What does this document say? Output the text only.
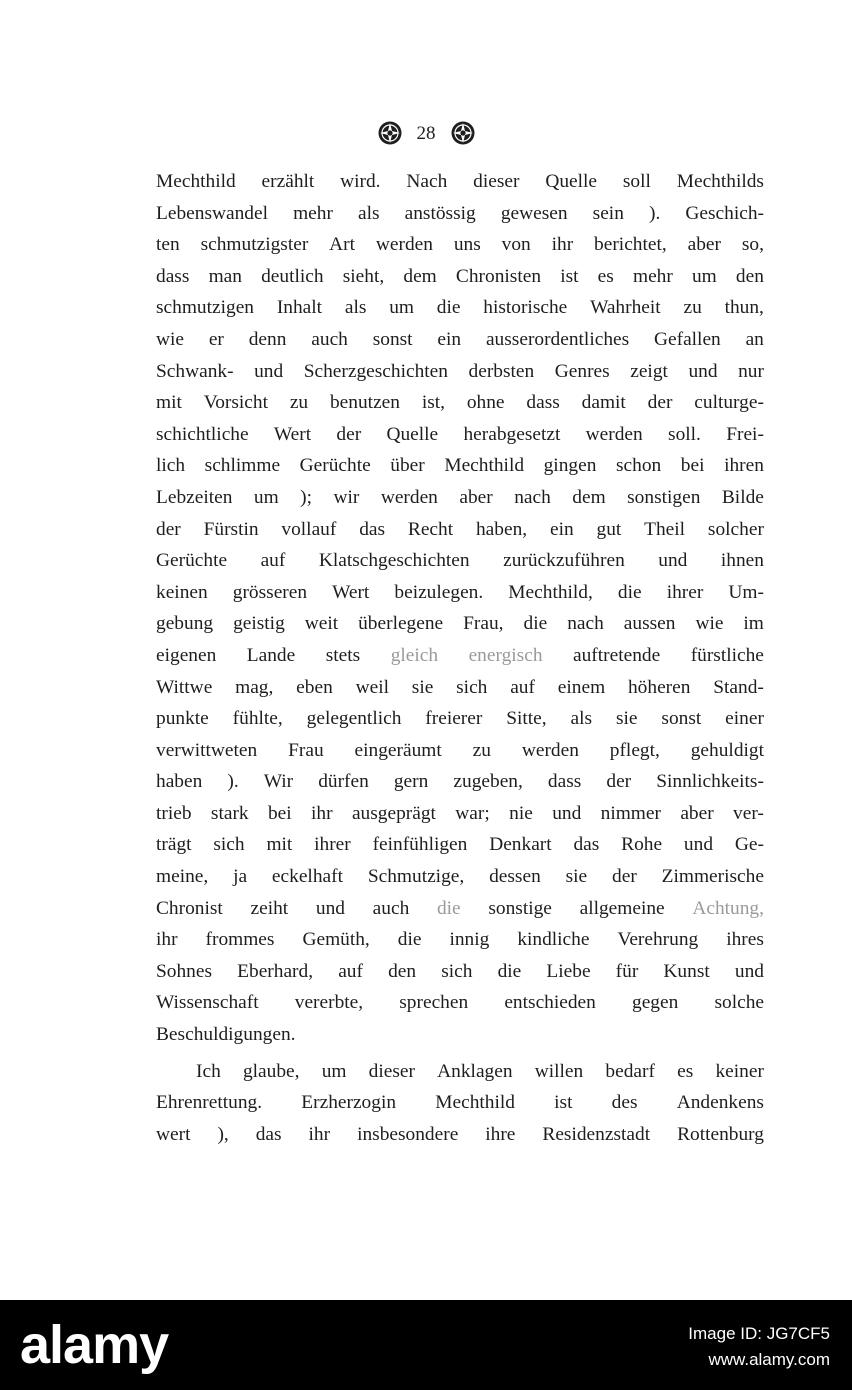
28
Mechthild erzählt wird. Nach dieser Quelle soll Mechthilds
Lebenswandel mehr als anstössig gewesen sein ). Geschich-
ten schmutzigster Art werden uns von ihr berichtet, aber so,
dass man deutlich sieht, dem Chronisten ist es mehr um den
schmutzigen Inhalt als um die historische Wahrheit zu thun,
wie er denn auch sonst ein ausserordentliches Gefallen an
Schwank- und Scherzgeschichten derbsten Genres zeigt und nur
mit Vorsicht zu benutzen ist, ohne dass damit der culturge-
schichtliche Wert der Quelle herabgesetzt werden soll. Frei-
lich schlimme Gerüchte über Mechthild gingen schon bei ihren
Lebzeiten um ); wir werden aber nach dem sonstigen Bilde
der Fürstin vollauf das Recht haben, ein gut Theil solcher
Gerüchte auf Klatschgeschichten zurückzuführen und ihnen
keinen grösseren Wert beizulegen. Mechthild, die ihrer Um-
gebung geistig weit überlegene Frau, die nach aussen wie im
eigenen Lande stets gleich energisch auftretende fürstliche
Wittwe mag, eben weil sie sich auf einem höheren Stand-
punkte fühlte, gelegentlich freierer Sitte, als sie sonst einer
verwittweten Frau eingeräumt zu werden pflegt, gehuldigt
haben ). Wir dürfen gern zugeben, dass der Sinnlichkeits-
trieb stark bei ihr ausgeprägt war; nie und nimmer aber ver-
trägt sich mit ihrer feinfühligen Denkart das Rohe und Ge-
meine, ja eckelhaft Schmutzige, dessen sie der Zimmerische
Chronist zeiht und auch die sonstige allgemeine Achtung,
ihr frommes Gemüth, die innig kindliche Verehrung ihres
Sohnes Eberhard, auf den sich die Liebe für Kunst und
Wissenschaft vererbte, sprechen entschieden gegen solche
Beschuldigungen.
Ich glaube, um dieser Anklagen willen bedarf es keiner
Ehrenrettung. Erzherzogin Mechthild ist des Andenkens
wert ), das ihr insbesondere ihre Residenzstadt Rottenburg
alamy	Image ID: JG7CF5
www.alamy.com
